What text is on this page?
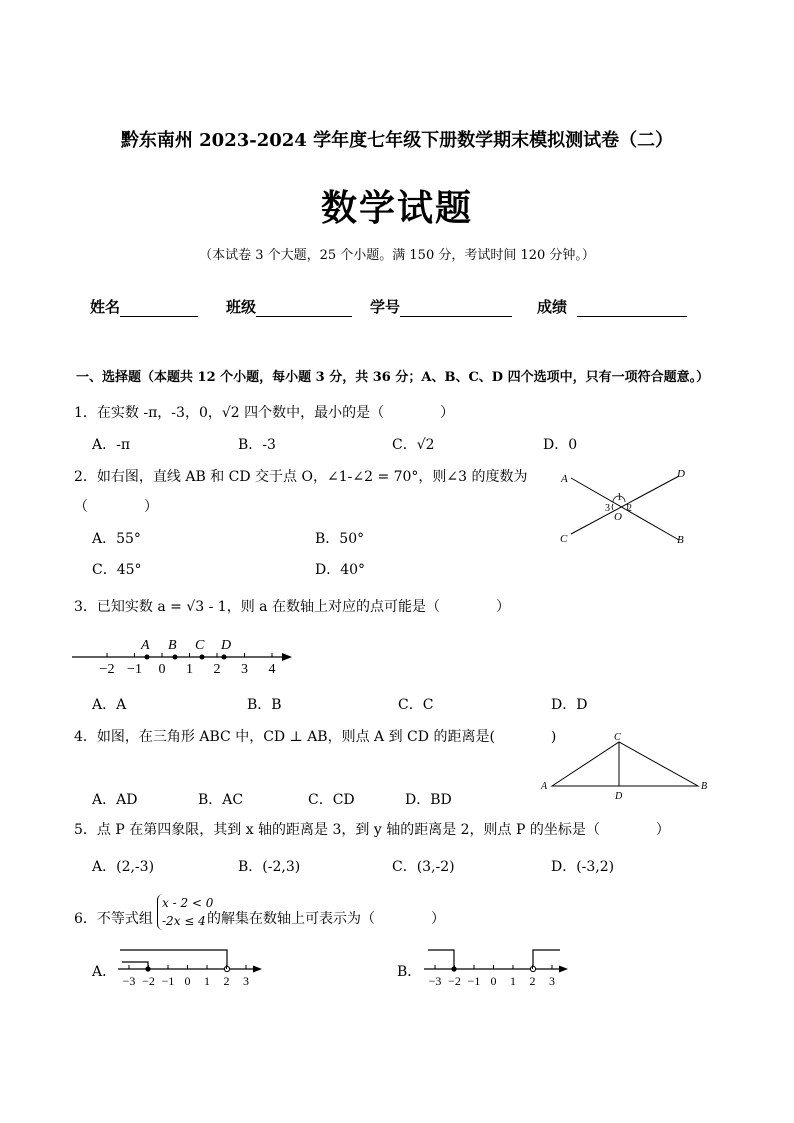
黔东南州 2023-2024 学年度七年级下册数学期末模拟测试卷（二）
数学试题
（本试卷 3 个大题，25 个小题。满 150 分，考试时间 120 分钟。）
姓名	班级	学号	成绩
一、选择题（本题共 12 个小题，每小题 3 分，共 36 分；A、B、C、D 四个选项中，只有一项符合题意。）
1．在实数 -π，-3，0，√2 四个数中，最小的是（　　　　）
A．-π	B．-3	C．√2	D．0
2．如右图，直线 AB 和 CD 交于点 O，∠1-∠2 = 70°，则∠3 的度数为
（　　　　）
A．55°	B．50°
C．45°	D．40°
A	D
C	B
O
1
2
3
3．已知实数 a = √3 - 1，则 a 在数轴上对应的点可能是（　　　　）
−2 −1 0 1 2 3 4
A B C D
A．A	B．B	C．C	D．D
4．如图，在三角形 ABC 中，CD ⊥ AB，则点 A 到 CD 的距离是(　　　　)	C
A
D
B
A．AD	B．AC	C．CD	D．BD
5．点 P 在第四象限，其到 x 轴的距离是 3，到 y 轴的距离是 2，则点 P 的坐标是（　　　　）
A．(2,-3)	B．(-2,3)	C．(3,-2)	D．(-3,2)
6．不等式组
x - 2 < 0
-2x ≤ 4 的解集在数轴上可表示为（　　　　）
A．
−3 −2 −1 0 1 2 3
B．
−3 −2 −1 0 1 2 3
